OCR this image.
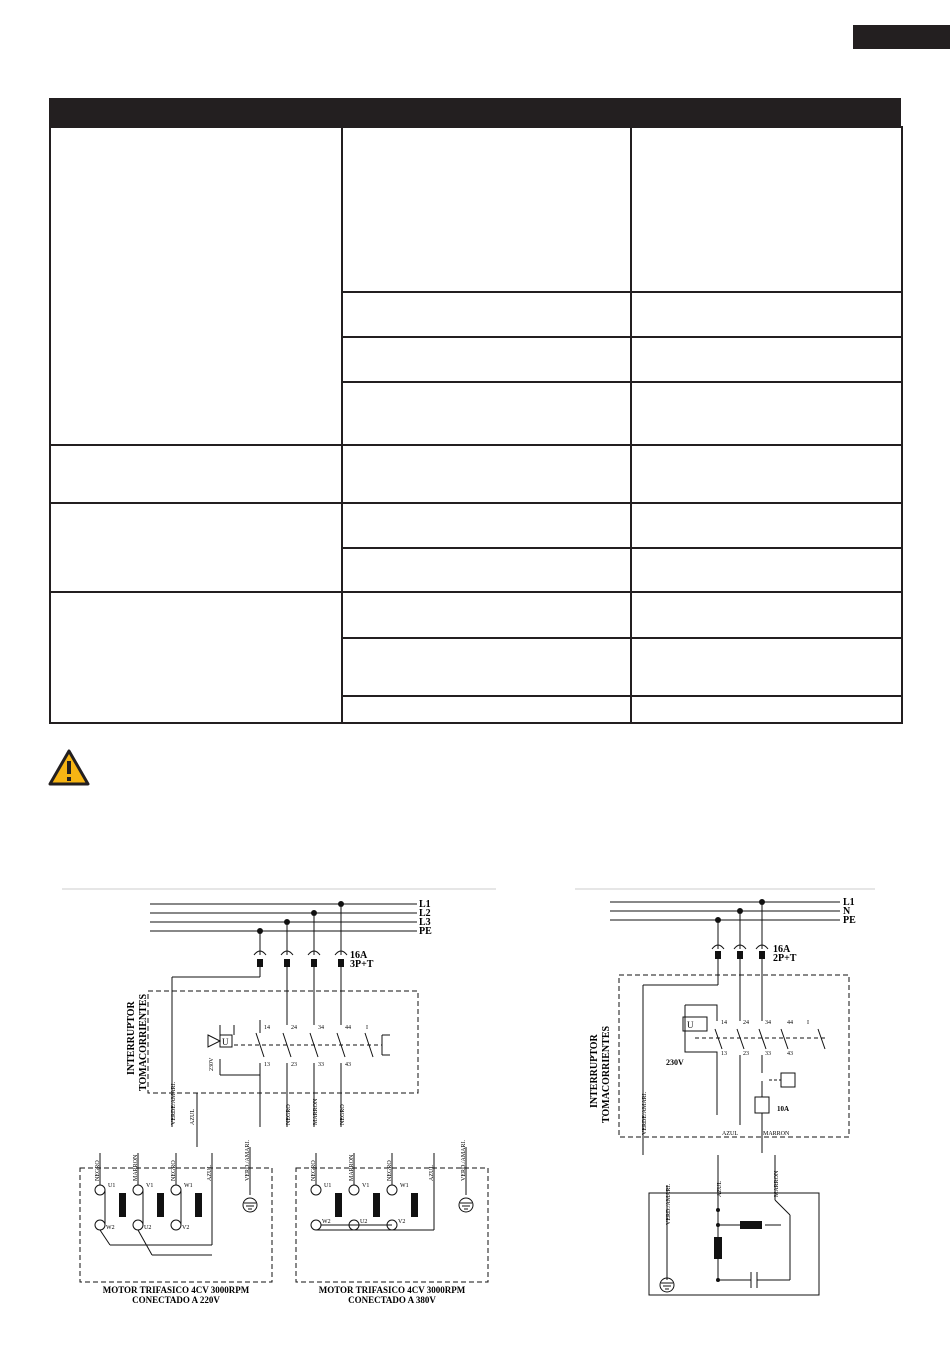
L1
L2
L3
PE
16A
3P+T
INTERRUPTOR TOMACORRIENTES	230V
U
14	24	34	44
13	23	33	43
I
VERDE/AMARI. AZUL	NEGRO	MARRON	NEGRO
NEGRO	MARRON	NEGRO	AZUL	VERD./AMARI.	NEGRO	MARRON	NEGRO	AZUL	VERD./AMARI.
U1	V1	W1
W2	U2	V2
U1	V1	W1
W2	U2	V2
MOTOR TRIFASICO 4CV 3000RPM
CONECTADO A 220V
MOTOR TRIFASICO 4CV 3000RPM
CONECTADO A 380V
L1
N
PE
16A
2P+T
INTERRUPTOR TOMACORRIENTES	230V
10A
U	14	24	34	44
13	23	33	43
I
VERDE/AMARI.	AZUL	MARRON
VERD./AMARI.	AZUL	MARRON
